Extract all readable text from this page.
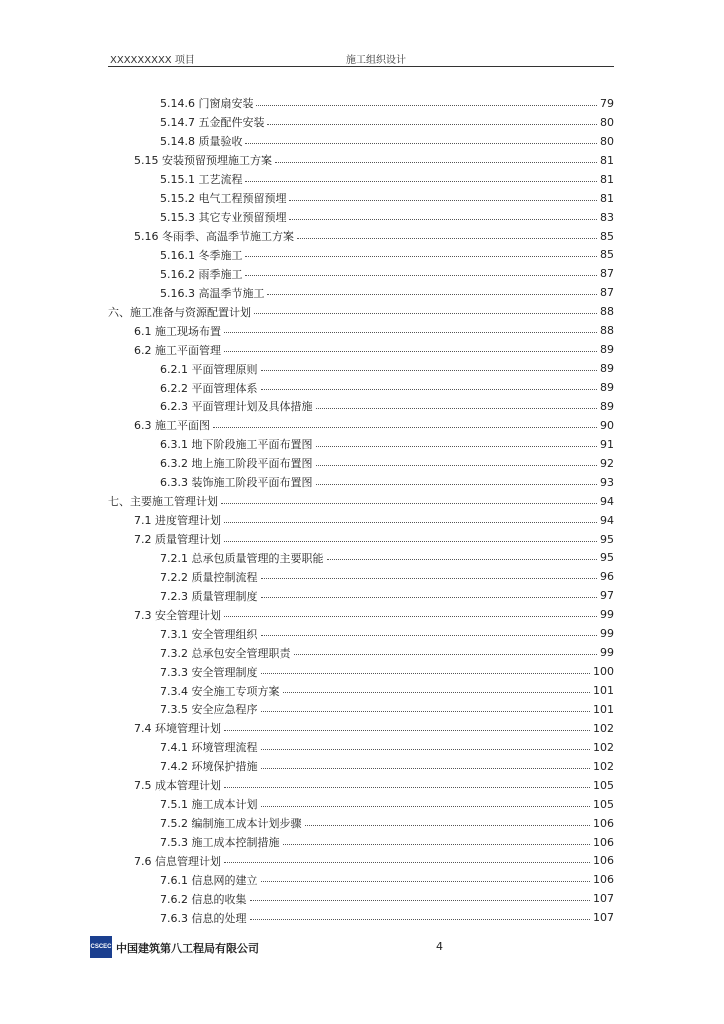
XXXXXXXXX 项目	施工组织设计
5.14.6 门窗扇安装	79
5.14.7 五金配件安装	80
5.14.8 质量验收	80
5.15 安装预留预埋施工方案	81
5.15.1 工艺流程	81
5.15.2 电气工程预留预埋	81
5.15.3 其它专业预留预埋	83
5.16 冬雨季、高温季节施工方案	85
5.16.1 冬季施工	85
5.16.2 雨季施工	87
5.16.3 高温季节施工	87
六、施工准备与资源配置计划	88
6.1 施工现场布置	88
6.2 施工平面管理	89
6.2.1 平面管理原则	89
6.2.2 平面管理体系	89
6.2.3 平面管理计划及具体措施	89
6.3 施工平面图	90
6.3.1 地下阶段施工平面布置图	91
6.3.2 地上施工阶段平面布置图	92
6.3.3 装饰施工阶段平面布置图	93
七、主要施工管理计划	94
7.1 进度管理计划	94
7.2 质量管理计划	95
7.2.1 总承包质量管理的主要职能	95
7.2.2 质量控制流程	96
7.2.3 质量管理制度	97
7.3 安全管理计划	99
7.3.1 安全管理组织	99
7.3.2 总承包安全管理职责	99
7.3.3 安全管理制度	100
7.3.4 安全施工专项方案	101
7.3.5 安全应急程序	101
7.4 环境管理计划	102
7.4.1 环境管理流程	102
7.4.2 环境保护措施	102
7.5 成本管理计划	105
7.5.1 施工成本计划	105
7.5.2 编制施工成本计划步骤	106
7.5.3 施工成本控制措施	106
7.6 信息管理计划	106
7.6.1 信息网的建立	106
7.6.2 信息的收集	107
7.6.3 信息的处理	107
CSCEC 中国建筑第八工程局有限公司	4
